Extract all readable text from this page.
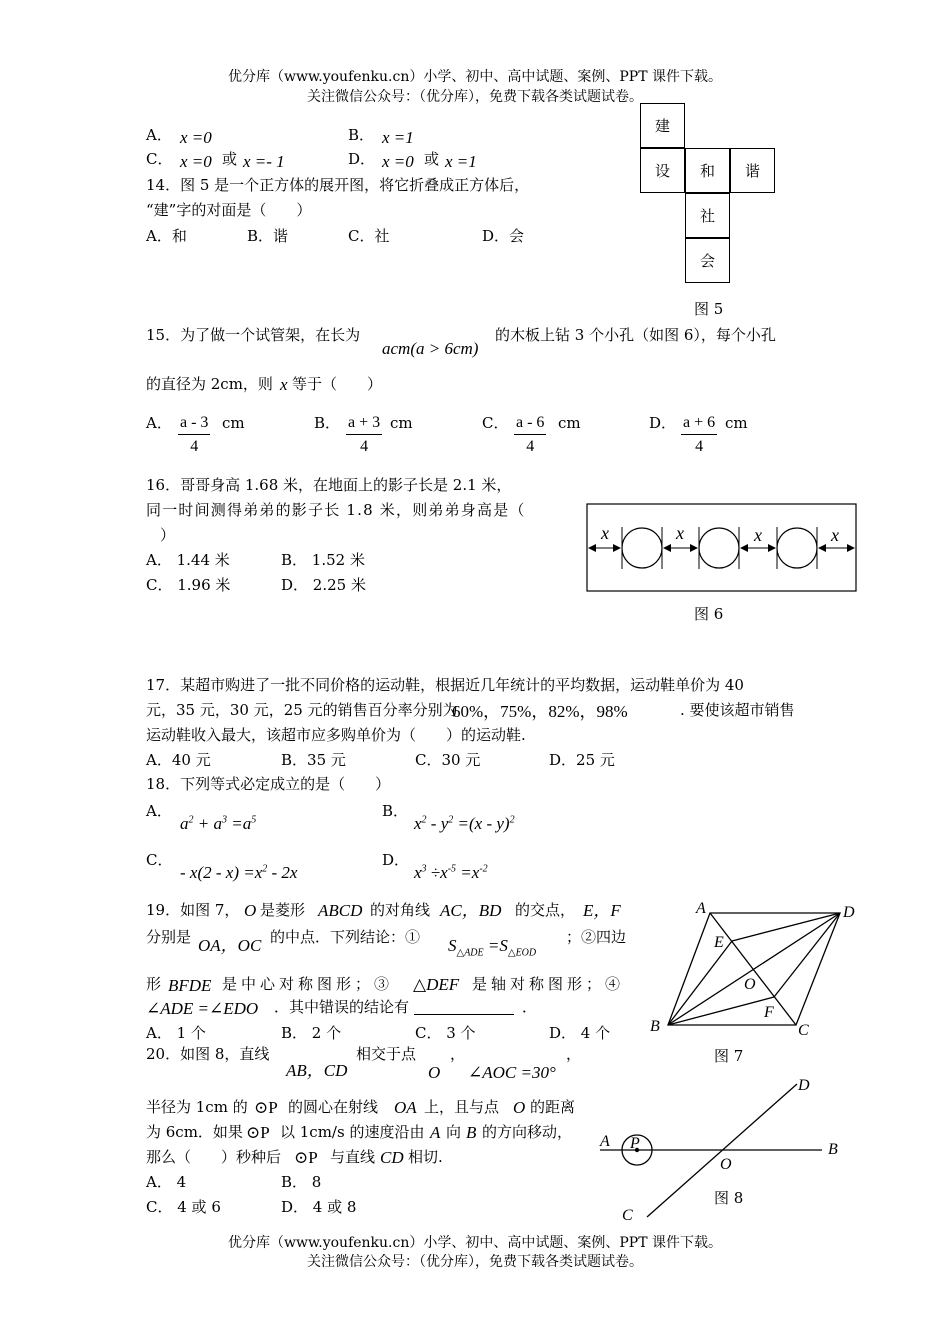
优分库（www.youfenku.cn）小学、初中、高中试题、案例、PPT 课件下载。
关注微信公众号：（优分库），免费下载各类试题试卷。
A． x =0	B． x =1
C． x =0 或 x =- 1	D． x =0 或 x =1
14．图 5 是一个正方体的展开图，将它折叠成正方体后，
“建”字的对面是（　　）
A．和	B．谐	C．社	D．会
建
设	和	谐
社
会
图 5
15．为了做一个试管架，在长为
acm(a > 6cm)
的木板上钻 3 个小孔（如图 6），每个小孔
的直径为 2cm，则 x 等于（　　）
A． $\frac{a - 3}{4}$ cm	B． $\frac{a + 3}{4}$ cm	C． $\frac{a - 6}{4}$ cm	D． $\frac{a + 6}{4}$ cm
16．哥哥身高 1.68 米，在地面上的影子长是 2.1 米，
同一时间测得弟弟的影子长 1.8 米，则弟弟身高是（
）
A． 1.44 米	B． 1.52 米
C． 1.96 米	D． 2.25 米
x	x	x	x
图 6
17．某超市购进了一批不同价格的运动鞋，根据近几年统计的平均数据，运动鞋单价为 40
元，35 元，30 元，25 元的销售百分率分别为
60%，75%，82%，98%	. 要使该超市销售
运动鞋收入最大，该超市应多购单价为（　　）的运动鞋.
A．40 元	B．35 元	C．30 元	D．25 元
18．下列等式必定成立的是（　　）
A．
$a^2 + a^3 =a^5$	B．
$x^2 - y^2 =(x - y)^2$
C．
- $x(2 - x) =x^2 - 2x$
D．
$x^3 \div x^{-5} =x^{-2}$
19．如图 7， O 是菱形 ABCD 的对角线 AC，BD 的交点， E，F
分别是 OA，OC 的中点．下列结论：① $S_{\triangle ADE} =S_{\triangle EOD}$
；②四边
形 BFDE 是中心对称图形；③ △DEF 是轴对称图形；④
∠ADE =∠EDO ．其中错误的结论有	．
A． 1 个	B． 2 个	C． 3 个	D． 4 个
A	D
B	C
E
F
O
图 7
20．如图 8，直线
AB，CD
相交于点
O
，
∠AOC =30°
，
半径为 1cm 的 ⊙P 的圆心在射线 OA 上，且与点 O 的距离
为 6cm．如果 ⊙P 以 1cm/s 的速度沿由 A 向 B 的方向移动，
那么（　　）秒种后 ⊙P 与直线 CD 相切.
A． 4	B． 8
C． 4 或 6	D． 4 或 8
A P	B
O
D
C
图 8
优分库（www.youfenku.cn）小学、初中、高中试题、案例、PPT 课件下载。
关注微信公众号：（优分库），免费下载各类试题试卷。
